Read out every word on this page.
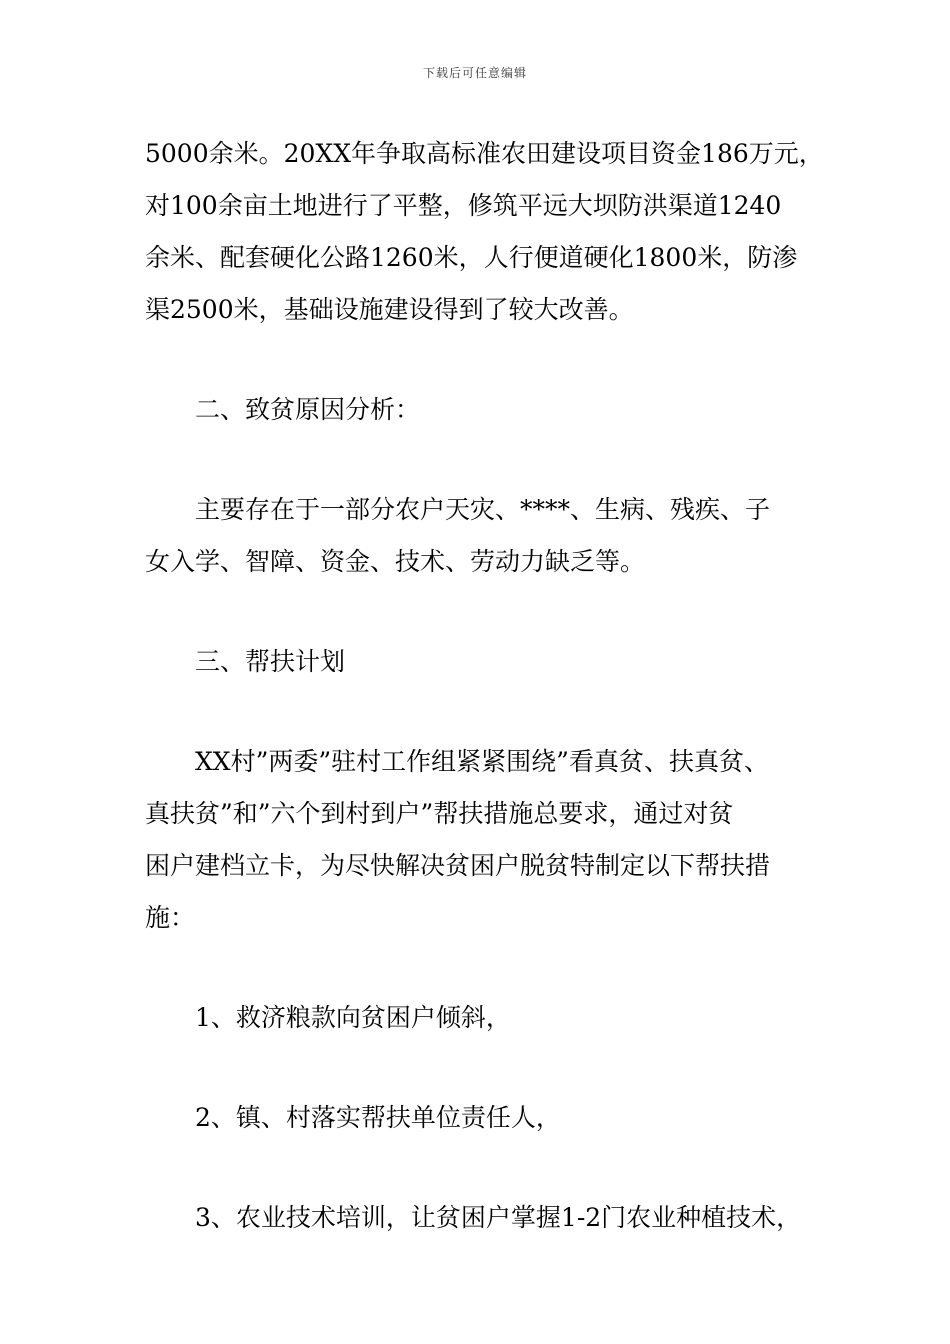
下载后可任意编辑

5000余米。20XX年争取高标准农田建设项目资金186万元，
对100余亩土地进行了平整，修筑平远大坝防洪渠道1240
余米、配套硬化公路1260米，人行便道硬化1800米，防渗
渠2500米，基础设施建设得到了较大改善。

二、致贫原因分析：

主要存在于一部分农户天灾、****、生病、残疾、子
女入学、智障、资金、技术、劳动力缺乏等。

三、帮扶计划

XX村”两委”驻村工作组紧紧围绕”看真贫、扶真贫、
真扶贫”和”六个到村到户”帮扶措施总要求，通过对贫
困户建档立卡，为尽快解决贫困户脱贫特制定以下帮扶措
施：

1、救济粮款向贫困户倾斜，

2、镇、村落实帮扶单位责任人，

3、农业技术培训，让贫困户掌握1-2门农业种植技术，
